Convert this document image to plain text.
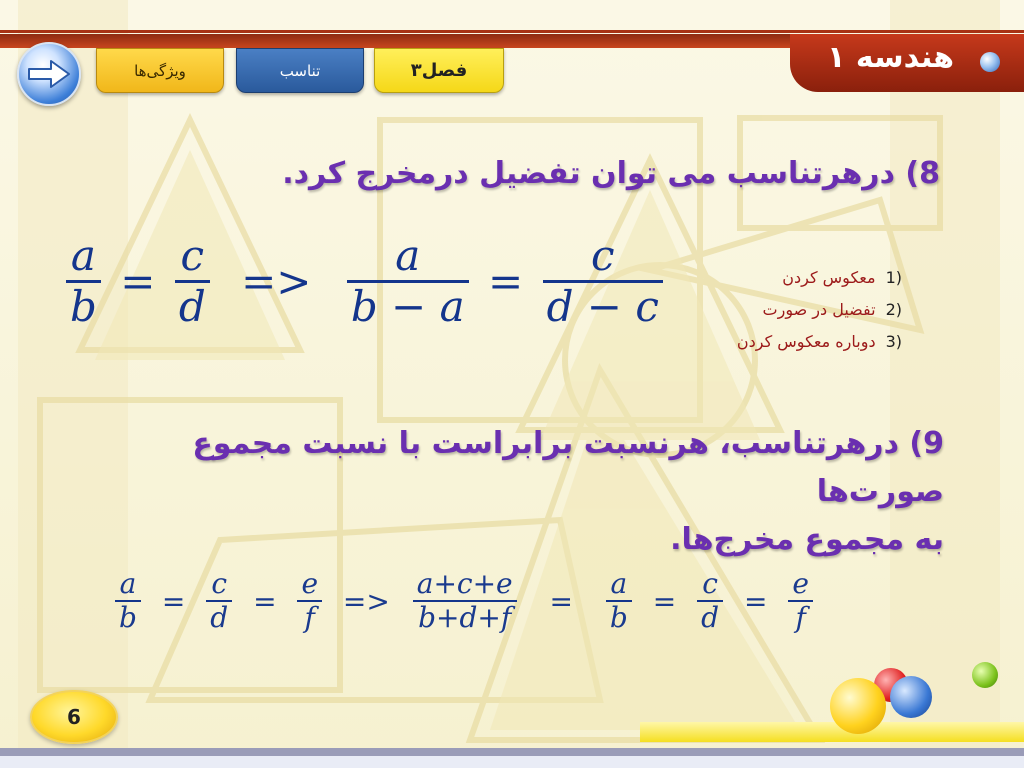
هندسه ۱
ویژگی‌ها	تناسب	فصل۳
8) درهرتناسب می توان تفضیل درمخرج کرد.
$\frac{a}{b} = \frac{c}{d} => \frac{a}{b - a} = \frac{c}{d - c}$	(1معکوس کردن
(2تفضیل در صورت
(3دوباره معکوس کردن
9) درهرتناسب، هرنسبت برابراست با نسبت مجموع صورت‌ها
به مجموع مخرج‌ها.
$\frac{a}{b} = \frac{c}{d} = \frac{e}{f} => \frac{a+c+e}{b+d+f} = \frac{a}{b} = \frac{c}{d} = \frac{e}{f}$
6
